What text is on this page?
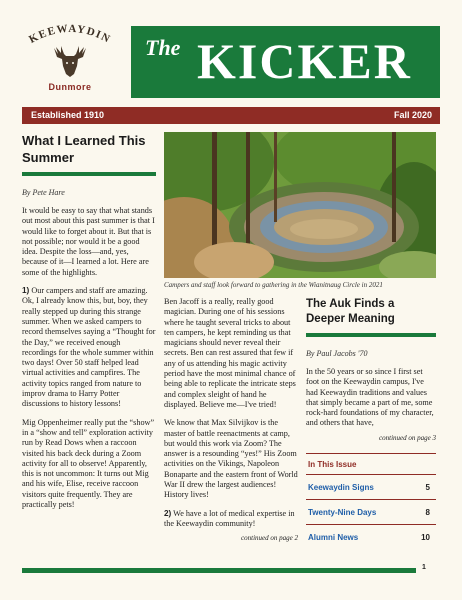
KEEWAYDIN
Dunmore
The KICKER
Established 1910	Fall 2020
What I Learned This Summer
By Pete Hare

It would be easy to say that what stands out most about this past summer is that I would like to forget about it. But that is not possible; nor would it be a good idea. Despite the loss—and, yes, because of it—I learned a lot. Here are some of the highlights.

1) Our campers and staff are amazing. Ok, I already know this, but, boy, they really stepped up during this strange summer. When we asked campers to record themselves saying a “Thought for the Day,” we received enough recordings for the whole summer within two days! Over 50 staff helped lead virtual activities and campfires. The activity topics ranged from nature to improv drama to Harry Potter discussions to history lessons!

Mig Oppenheimer really put the “show” in a “show and tell” exploration activity run by Read Dows when a raccoon visited his back deck during a Zoom activity for all to observe! Apparently, this is not uncommon: It turns out Mig and his wife, Elise, receive raccoon visitors quite frequently. They are practically pets!

Campers and staff look forward to gathering in the Wianitnaug Circle in 2021

Ben Jacoff is a really, really good magician. During one of his sessions where he taught several tricks to about ten campers, he kept reminding us that magicians should never reveal their secrets. Ben can rest assured that few if any of us attending his magic activity period have the most minimal chance of being able to replicate the intricate steps and complex sleight of hand he displayed. Believe me—I've tried!

We know that Max Silvijkov is the master of battle reenactments at camp, but would this work via Zoom? The answer is a resounding “yes!” His Zoom activities on the Vikings, Napoleon Bonaparte and the eastern front of World War II drew the largest audiences! History lives!

2) We have a lot of medical expertise in the Keewaydin community!

continued on page 2
The Auk Finds a Deeper Meaning
By Paul Jacobs '70

In the 50 years or so since I first set foot on the Keewaydin campus, I've had Keewaydin traditions and values that simply became a part of me, some rock-hard foundations of my character, and others that have,

continued on page 3
In This Issue
Keewaydin Signs	5
Twenty-Nine Days	8
Alumni News	10
1
